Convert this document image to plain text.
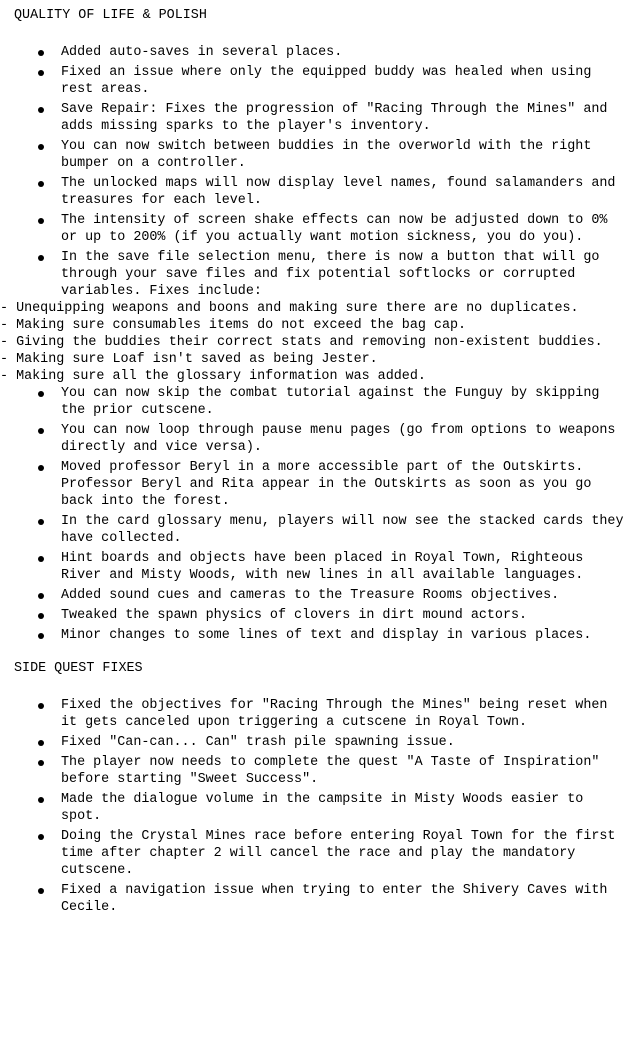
QUALITY OF LIFE & POLISH
Added auto-saves in several places.
Fixed an issue where only the equipped buddy was healed when using rest areas.
Save Repair: Fixes the progression of "Racing Through the Mines" and adds missing sparks to the player's inventory.
You can now switch between buddies in the overworld with the right bumper on a controller.
The unlocked maps will now display level names, found salamanders and treasures for each level.
The intensity of screen shake effects can now be adjusted down to 0% or up to 200% (if you actually want motion sickness, you do you).
In the save file selection menu, there is now a button that will go through your save files and fix potential softlocks or corrupted variables. Fixes include:

- Unequipping weapons and boons and making sure there are no duplicates.

- Making sure consumables items do not exceed the bag cap.

- Giving the buddies their correct stats and removing non-existent buddies.

- Making sure Loaf isn't saved as being Jester.

- Making sure all the glossary information was added.

You can now skip the combat tutorial against the Funguy by skipping the prior cutscene.
You can now loop through pause menu pages (go from options to weapons directly and vice versa).
Moved professor Beryl in a more accessible part of the Outskirts. Professor Beryl and Rita appear in the Outskirts as soon as you go back into the forest.
In the card glossary menu, players will now see the stacked cards they have collected.
Hint boards and objects have been placed in Royal Town, Righteous River and Misty Woods, with new lines in all available languages.
Added sound cues and cameras to the Treasure Rooms objectives.
Tweaked the spawn physics of clovers in dirt mound actors.
Minor changes to some lines of text and display in various places.
SIDE QUEST FIXES
Fixed the objectives for "Racing Through the Mines" being reset when it gets canceled upon triggering a cutscene in Royal Town.
Fixed "Can-can... Can" trash pile spawning issue.
The player now needs to complete the quest "A Taste of Inspiration" before starting "Sweet Success".
Made the dialogue volume in the campsite in Misty Woods easier to spot.
Doing the Crystal Mines race before entering Royal Town for the first time after chapter 2 will cancel the race and play the mandatory cutscene.
Fixed a navigation issue when trying to enter the Shivery Caves with Cecile.
